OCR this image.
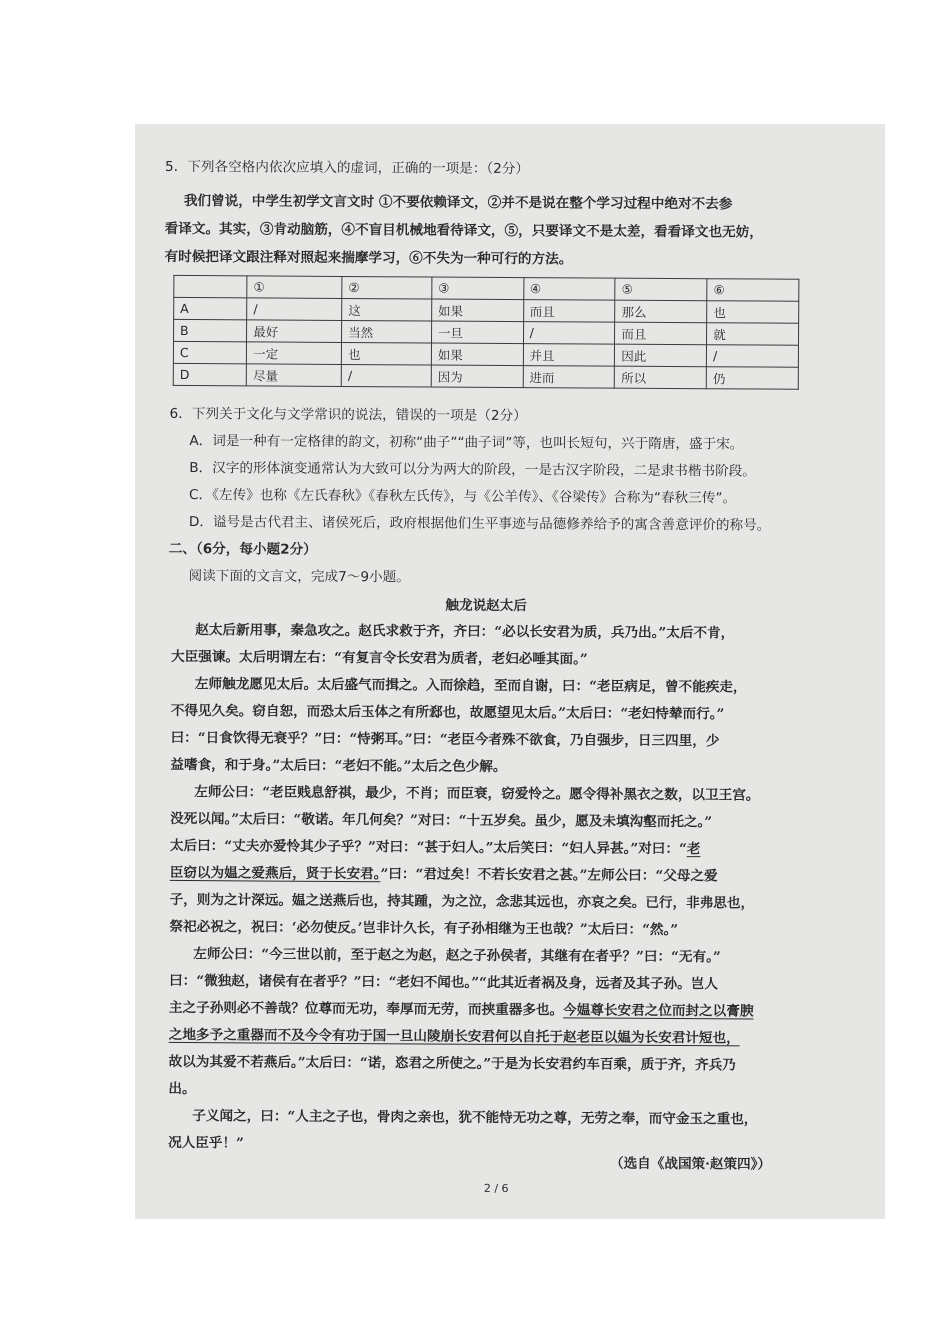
5．下列各空格内依次应填入的虚词，正确的一项是：（2分）
我们曾说，中学生初学文言文时 ①不要依赖译文，②并不是说在整个学习过程中绝对不去参
看译文。其实，③肯动脑筋，④不盲目机械地看待译文，⑤，只要译文不是太差，看看译文也无妨，
有时候把译文跟注释对照起来揣摩学习，⑥不失为一种可行的方法。
	①	②	③	④	⑤	⑥
A	/	这	如果	而且	那么	也
B	最好	当然	一旦	/	而且	就
C	一定	也	如果	并且	因此	/
D	尽量	/	因为	进而	所以	仍
6．下列关于文化与文学常识的说法，错误的一项是（2分）
A．词是一种有一定格律的韵文，初称“曲子”“曲子词”等，也叫长短句，兴于隋唐，盛于宋。
B．汉字的形体演变通常认为大致可以分为两大的阶段，一是古汉字阶段，二是隶书楷书阶段。
C．《左传》也称《左氏春秋》《春秋左氏传》，与《公羊传》、《谷梁传》合称为“春秋三传”。
D．谥号是古代君主、诸侯死后，政府根据他们生平事迹与品德修养给予的寓含善意评价的称号。
二、（6分，每小题2分）
阅读下面的文言文，完成7～9小题。
触龙说赵太后
赵太后新用事，秦急攻之。赵氏求救于齐，齐曰：“必以长安君为质，兵乃出。”太后不肯，
大臣强谏。太后明谓左右：“有复言令长安君为质者，老妇必唾其面。”
左师触龙愿见太后。太后盛气而揖之。入而徐趋，至而自谢，曰：“老臣病足，曾不能疾走，
不得见久矣。窃自恕，而恐太后玉体之有所郄也，故愿望见太后。”太后曰：“老妇恃辇而行。”
曰：“日食饮得无衰乎？”曰：“恃粥耳。”曰：“老臣今者殊不欲食，乃自强步，日三四里，少
益嗜食，和于身。”太后曰：“老妇不能。”太后之色少解。
左师公曰：“老臣贱息舒祺，最少，不肖；而臣衰，窃爱怜之。愿令得补黑衣之数，以卫王宫。
没死以闻。”太后曰：“敬诺。年几何矣？”对曰：“十五岁矣。虽少，愿及未填沟壑而托之。”
太后曰：“丈夫亦爱怜其少子乎？”对曰：“甚于妇人。”太后笑曰：“妇人异甚。”对曰：“老
臣窃以为媪之爱燕后，贤于长安君。”曰：“君过矣！不若长安君之甚。”左师公曰：“父母之爱
子，则为之计深远。媪之送燕后也，持其踵，为之泣，念悲其远也，亦哀之矣。已行，非弗思也，
祭祀必祝之，祝曰：‘必勿使反。’岂非计久长，有子孙相继为王也哉？”太后曰：“然。”
左师公曰：“今三世以前，至于赵之为赵，赵之子孙侯者，其继有在者乎？”曰：“无有。”
曰：“微独赵，诸侯有在者乎？”曰：“老妇不闻也。”“此其近者祸及身，远者及其子孙。岂人
主之子孙则必不善哉？位尊而无功，奉厚而无劳，而挟重器多也。今媪尊长安君之位而封之以膏腴
之地多予之重器而不及今令有功于国一旦山陵崩长安君何以自托于赵老臣以媪为长安君计短也，
故以为其爱不若燕后。”太后曰：“诺，恣君之所使之。”于是为长安君约车百乘，质于齐，齐兵乃
出。
子义闻之，曰：“人主之子也，骨肉之亲也，犹不能恃无功之尊，无劳之奉，而守金玉之重也，
况人臣乎！”
（选自《战国策·赵策四》）
2 / 6
